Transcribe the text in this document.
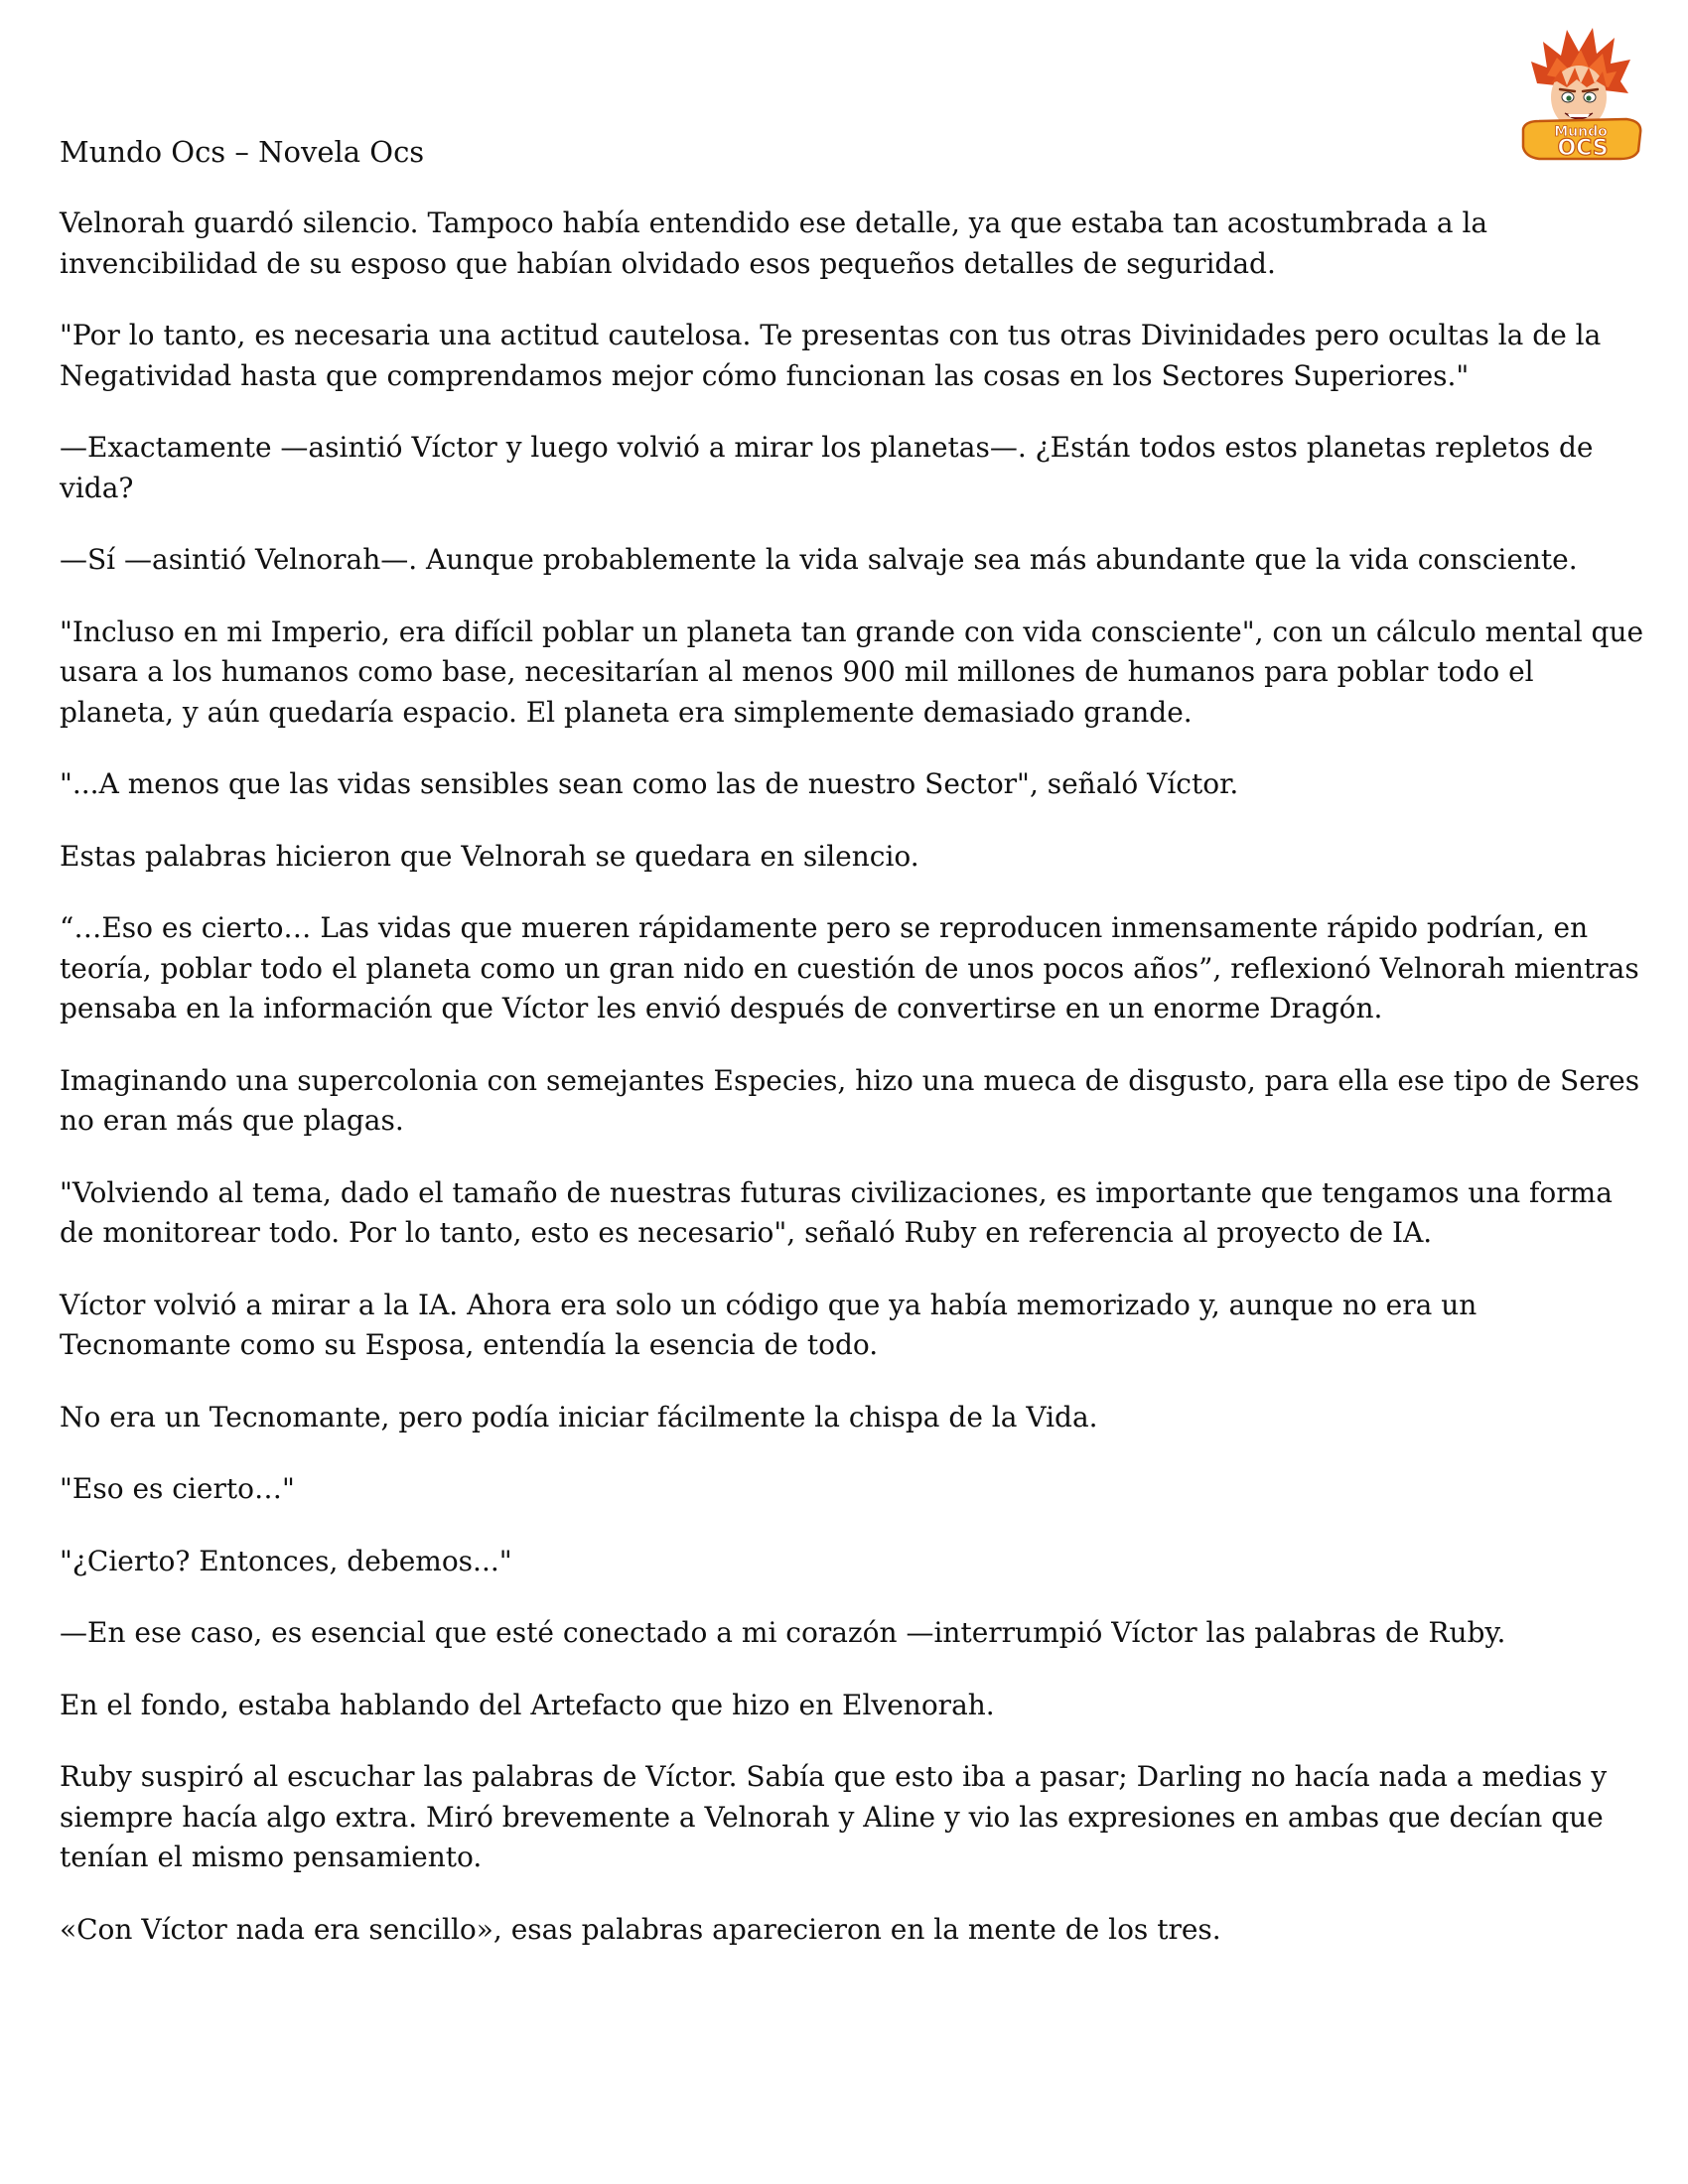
Mundo
OCS

Mundo Ocs – Novela Ocs

Velnorah guardó silencio. Tampoco había entendido ese detalle, ya que estaba tan acostumbrada a la invencibilidad de su esposo que habían olvidado esos pequeños detalles de seguridad.

"Por lo tanto, es necesaria una actitud cautelosa. Te presentas con tus otras Divinidades pero ocultas la de la Negatividad hasta que comprendamos mejor cómo funcionan las cosas en los Sectores Superiores."

—Exactamente —asintió Víctor y luego volvió a mirar los planetas—. ¿Están todos estos planetas repletos de vida?

—Sí —asintió Velnorah—. Aunque probablemente la vida salvaje sea más abundante que la vida consciente.

"Incluso en mi Imperio, era difícil poblar un planeta tan grande con vida consciente", con un cálculo mental que usara a los humanos como base, necesitarían al menos 900 mil millones de humanos para poblar todo el planeta, y aún quedaría espacio. El planeta era simplemente demasiado grande.

"...A menos que las vidas sensibles sean como las de nuestro Sector", señaló Víctor.

Estas palabras hicieron que Velnorah se quedara en silencio.

“…Eso es cierto… Las vidas que mueren rápidamente pero se reproducen inmensamente rápido podrían, en teoría, poblar todo el planeta como un gran nido en cuestión de unos pocos años”, reflexionó Velnorah mientras pensaba en la información que Víctor les envió después de convertirse en un enorme Dragón.

Imaginando una supercolonia con semejantes Especies, hizo una mueca de disgusto, para ella ese tipo de Seres no eran más que plagas.

"Volviendo al tema, dado el tamaño de nuestras futuras civilizaciones, es importante que tengamos una forma de monitorear todo. Por lo tanto, esto es necesario", señaló Ruby en referencia al proyecto de IA.

Víctor volvió a mirar a la IA. Ahora era solo un código que ya había memorizado y, aunque no era un Tecnomante como su Esposa, entendía la esencia de todo.

No era un Tecnomante, pero podía iniciar fácilmente la chispa de la Vida.

"Eso es cierto…"

"¿Cierto? Entonces, debemos..."

—En ese caso, es esencial que esté conectado a mi corazón —interrumpió Víctor las palabras de Ruby.

En el fondo, estaba hablando del Artefacto que hizo en Elvenorah.

Ruby suspiró al escuchar las palabras de Víctor. Sabía que esto iba a pasar; Darling no hacía nada a medias y siempre hacía algo extra. Miró brevemente a Velnorah y Aline y vio las expresiones en ambas que decían que tenían el mismo pensamiento.

«Con Víctor nada era sencillo», esas palabras aparecieron en la mente de los tres.
